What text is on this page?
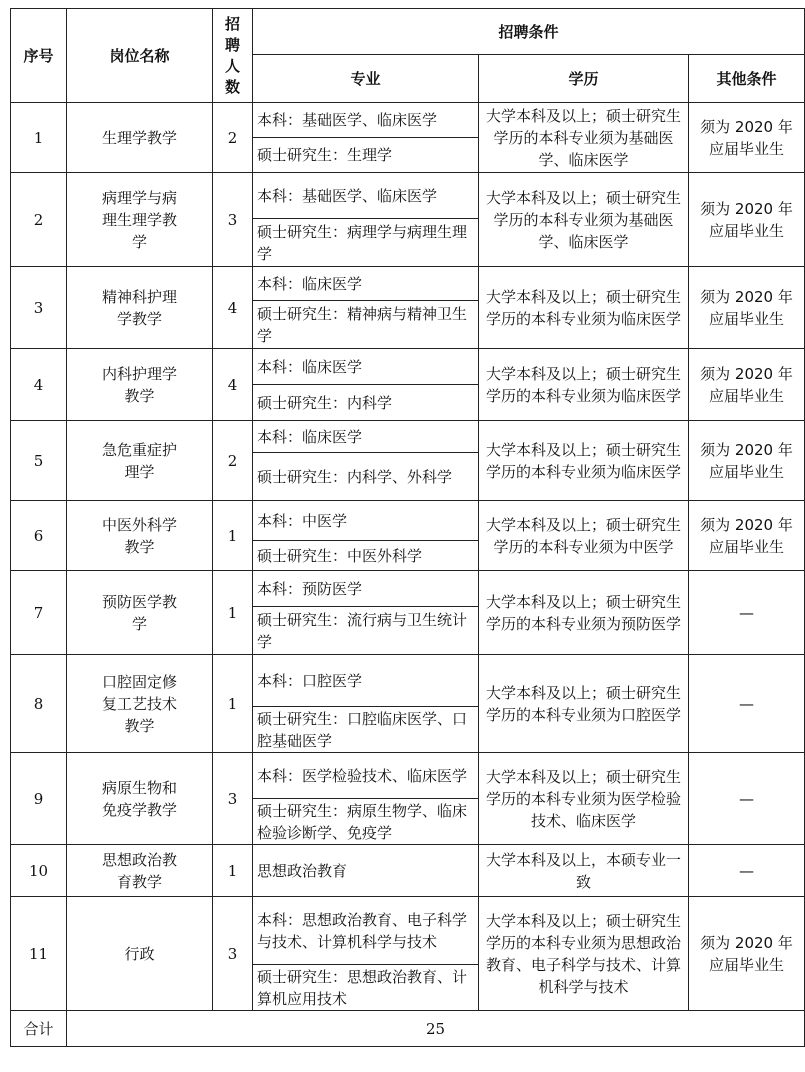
序号	岗位名称	招聘人数	招聘条件		
			专业	学历	其他条件
1	生理学教学	2	本科：基础医学、临床医学	大学本科及以上；硕士研究生学历的本科专业须为基础医学、临床医学	须为 2020 年应届毕业生
			硕士研究生：生理学		
2	病理学与病理生理学教学	3	本科：基础医学、临床医学	大学本科及以上；硕士研究生学历的本科专业须为基础医学、临床医学	须为 2020 年应届毕业生
			硕士研究生：病理学与病理生理学		
3	精神科护理学教学	4	本科：临床医学	大学本科及以上；硕士研究生学历的本科专业须为临床医学	须为 2020 年应届毕业生
			硕士研究生：精神病与精神卫生学		
4	内科护理学教学	4	本科：临床医学	大学本科及以上；硕士研究生学历的本科专业须为临床医学	须为 2020 年应届毕业生
			硕士研究生：内科学		
5	急危重症护理学	2	本科：临床医学	大学本科及以上；硕士研究生学历的本科专业须为临床医学	须为 2020 年应届毕业生
			硕士研究生：内科学、外科学		
6	中医外科学教学	1	本科：中医学	大学本科及以上；硕士研究生学历的本科专业须为中医学	须为 2020 年应届毕业生
			硕士研究生：中医外科学		
7	预防医学教学	1	本科：预防医学	大学本科及以上；硕士研究生学历的本科专业须为预防医学	—
			硕士研究生：流行病与卫生统计学		
8	口腔固定修复工艺技术教学	1	本科：口腔医学	大学本科及以上；硕士研究生学历的本科专业须为口腔医学	—
			硕士研究生：口腔临床医学、口腔基础医学		
9	病原生物和免疫学教学	3	本科：医学检验技术、临床医学	大学本科及以上；硕士研究生学历的本科专业须为医学检验技术、临床医学	—
			硕士研究生：病原生物学、临床检验诊断学、免疫学		
10	思想政治教育教学	1	思想政治教育	大学本科及以上，本硕专业一致	—
11	行政	3	本科：思想政治教育、电子科学与技术、计算机科学与技术	大学本科及以上；硕士研究生学历的本科专业须为思想政治教育、电子科学与技术、计算机科学与技术	须为 2020 年应届毕业生
			硕士研究生：思想政治教育、计算机应用技术		
合计	25				
